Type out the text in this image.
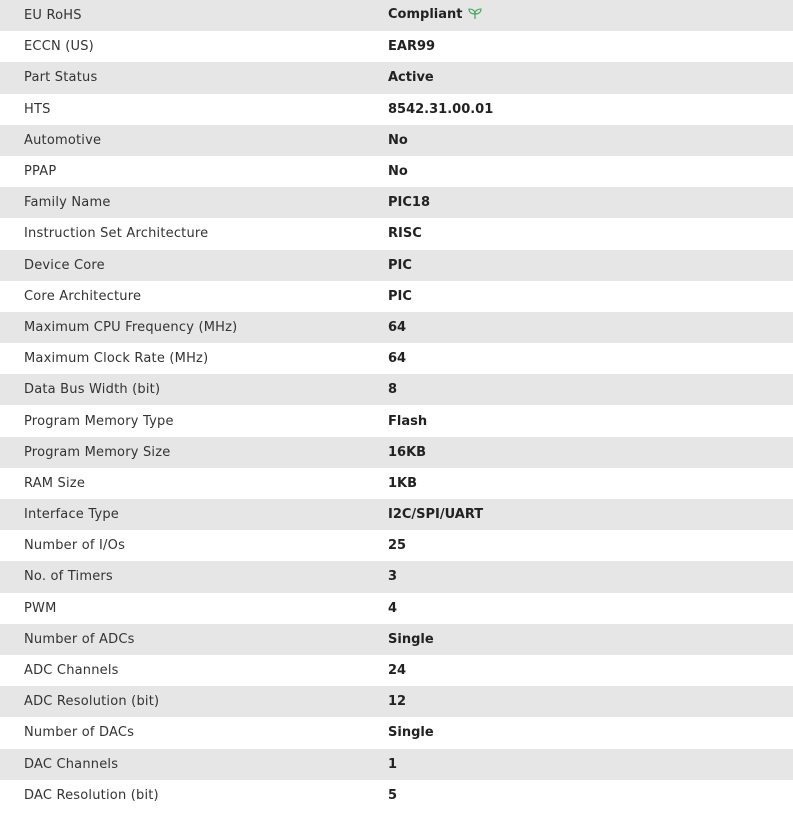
EU RoHS	Compliant
ECCN (US)	EAR99
Part Status	Active
HTS	8542.31.00.01
Automotive	No
PPAP	No
Family Name	PIC18
Instruction Set Architecture	RISC
Device Core	PIC
Core Architecture	PIC
Maximum CPU Frequency (MHz)	64
Maximum Clock Rate (MHz)	64
Data Bus Width (bit)	8
Program Memory Type	Flash
Program Memory Size	16KB
RAM Size	1KB
Interface Type	I2C/SPI/UART
Number of I/Os	25
No. of Timers	3
PWM	4
Number of ADCs	Single
ADC Channels	24
ADC Resolution (bit)	12
Number of DACs	Single
DAC Channels	1
DAC Resolution (bit)	5
